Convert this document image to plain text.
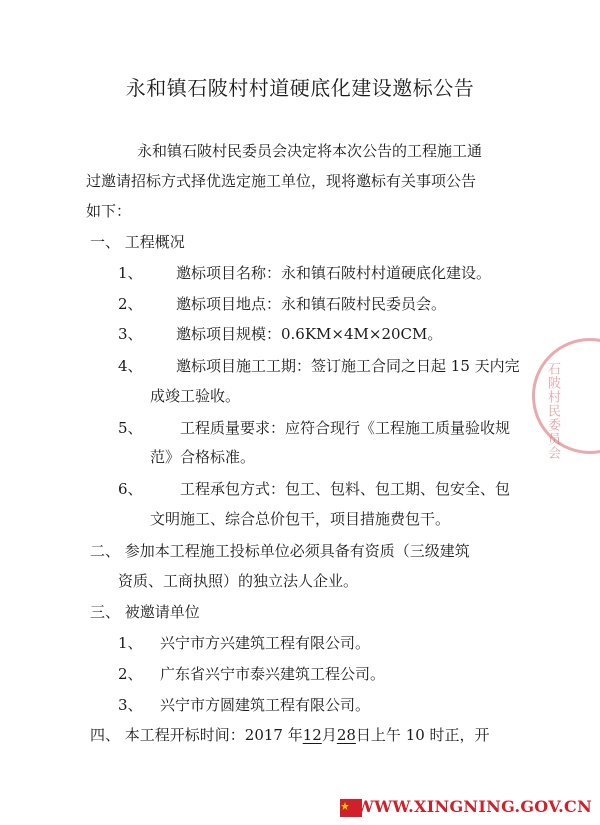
永和镇石陂村村道硬底化建设邀标公告
永和镇石陂村民委员会决定将本次公告的工程施工通
过邀请招标方式择优选定施工单位，现将邀标有关事项公告
如下：
一、 工程概况
1、 邀标项目名称：永和镇石陂村村道硬底化建设。
2、 邀标项目地点：永和镇石陂村民委员会。
3、 邀标项目规模：0.6KM×4M×20CM。
4、 邀标项目施工工期：签订施工合同之日起 15 天内完
成竣工验收。
5、 工程质量要求：应符合现行《工程施工质量验收规
范》合格标准。
6、 工程承包方式：包工、包料、包工期、包安全、包
文明施工、综合总价包干，项目措施费包干。
二、 参加本工程施工投标单位必须具备有资质（三级建筑
资质、工商执照）的独立法人企业。
三、 被邀请单位
1、 兴宁市方兴建筑工程有限公司。
2、 广东省兴宁市泰兴建筑工程公司。
3、 兴宁市方圆建筑工程有限公司。
四、 本工程开标时间：2017 年12月28日上午 10 时正，开
石陂村民委员会
WWW.XINGNING.GOV.CN
